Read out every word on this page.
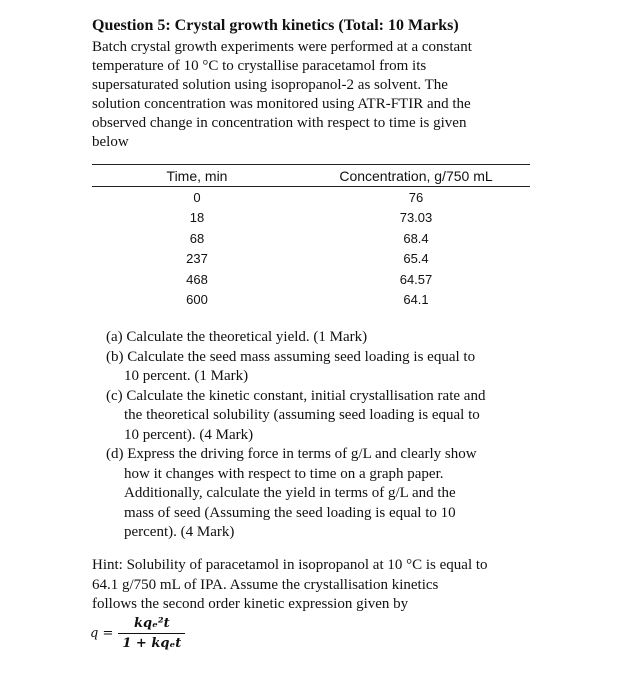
Question 5: Crystal growth kinetics (Total: 10 Marks)
Batch crystal growth experiments were performed at a constant
temperature of 10 °C to crystallise paracetamol from its
supersaturated solution using isopropanol-2 as solvent. The
solution concentration was monitored using ATR-FTIR and the
observed change in concentration with respect to time is given
below
Time, min	Concentration, g/750 mL
0	76
18	73.03
68	68.4
237	65.4
468	64.57
600	64.1
(a) Calculate the theoretical yield. (1 Mark)
(b) Calculate the seed mass assuming seed loading is equal to
10 percent. (1 Mark)
(c) Calculate the kinetic constant, initial crystallisation rate and
the theoretical solubility (assuming seed loading is equal to
10 percent). (4 Mark)
(d) Express the driving force in terms of g/L and clearly show
how it changes with respect to time on a graph paper.
Additionally, calculate the yield in terms of g/L and the
mass of seed (Assuming the seed loading is equal to 10
percent). (4 Mark)
Hint: Solubility of paracetamol in isopropanol at 10 °C is equal to
64.1 g/750 mL of IPA. Assume the crystallisation kinetics
follows the second order kinetic expression given by
$q = \frac{\text{kqₑ²t}}{\text{1 + kqₑt}}$
